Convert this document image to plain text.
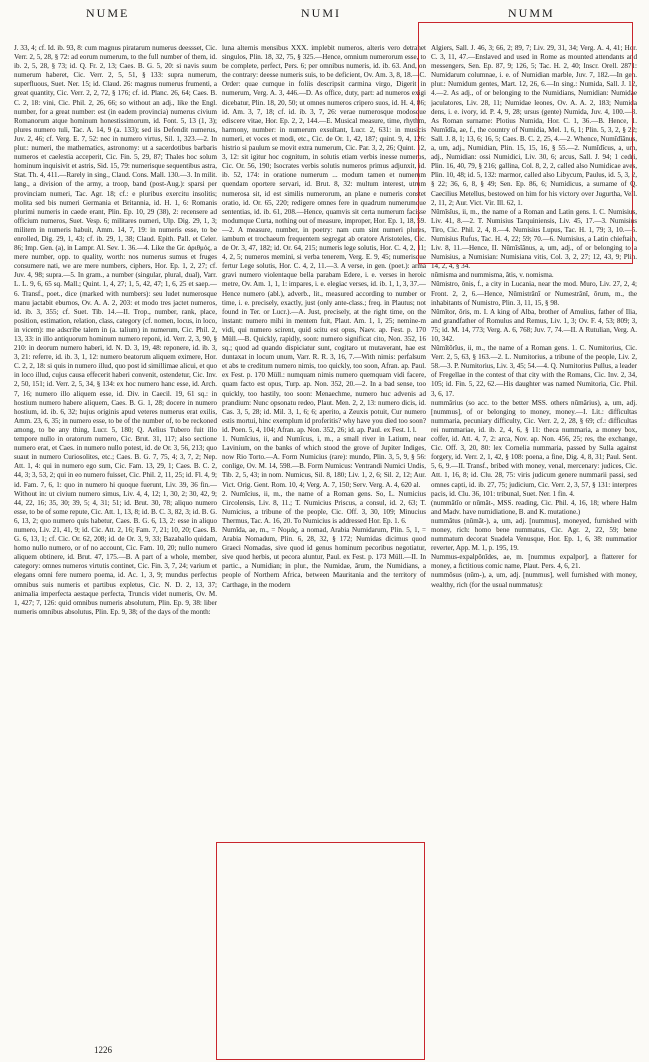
NUME	NUMI	NUMM

J. 33, 4; cf. Id. ib. 93, 8: cum magnus piratarum numerus deessset, Cic. Verr. 2, 5, 28, § 72: ad eorum numerum, to the full number of them, id. ib. 2, 5, 28, § 73; id. Q. Fr. 2, 13; Caes. B. G. 5, 20: si navis suum numerum haberet, Cic. Verr. 2, 5, 51, § 133: supra numerum, superfluous, Suet. Ner. 15; id. Claud. 26: magnus numerus frumenti, a great quantity, Cic. Verr. 2, 2, 72, § 176; cf. id. Planc. 26, 64; Caes. B. C. 2, 18: vini, Cic. Phil. 2, 26, 66; so without an adj., like the Engl. number, for a great number: est (in eadem provincia) numerus civium Romanorum atque hominum honestissimorum, id. Font. 5, 13 (1, 3); plures numero tuli, Tac. A. 14, 9 (a. 133); sed iis Defendit numerus, Juv. 2, 46; cf. Verg. E. 7, 52: nec in numero virtus, Sil. 1, 323.—2. In plur.: numeri, the mathematics, astronomy: ut a sacerdotibus barbaris numeros et caelestia acceperit, Cic. Fin. 5, 29, 87; Thales hoc solum hominum inquisivit et astris, Sid. 15, 79: numerisque sequentibus astra, Stat. Th. 4, 411.—Rarely in sing., Claud. Cons. Mall. 130.—3. In milit. lang., a division of the army, a troop, band (post-Aug.): sparsi per provinciam numeri, Tac. Agr. 18; cf.: e pluribus exercitu insolitis; molita sed bis numeri Germania et Britannia, id. H. 1, 6: Romanis plurimi numeris in caede erant, Plin. Ep. 10, 29 (38), 2: recensere ad officium numeros, Suet. Vesp. 6; militares numeri, Ulp. Dig. 29, 1, 3; militem in numeris habuit, Amm. 14, 7, 19: in numeris esse, to be enrolled, Dig. 29, 1, 43; cf. ib. 29, 1, 38; Claud. Epith. Pall. et Celer. 86; Imp. Gen. (a), in Lampr. Al. Sev. 1. 36.—4. Like the Gr. ἀριθμός, a mere number, opp. to quality, worth: nos numerus sumus et fruges consumere nati, we are mere numbers, ciphers, Hor. Ep. 1, 2, 27; cf. Juv. 4, 98; supra.—5. In gram., a number (singular, plural, dual), Varr. L. L. 9, 6, 65 sq. Mall.; Quint. 1, 4, 27; 1, 5, 42, 47; 1, 6, 25 et saep.—6. Transf., poet., dice (marked with numbers): seu ludet numerosque manu jactabit eburnos, Ov. A. A. 2, 203: et modo tres jactet numeros, id. ib. 3, 355; cf. Suet. Tib. 14.—II. Trop., number, rank, place, position, estimation, relation, class, category (cf. nomen, locus, in loco, in vicem): me adscribe talem in (a. talium) in numerum, Cic. Phil. 2, 13, 33: in illo antiquorum hominum numero reponi, id. Verr. 2, 3, 90, § 210: in deorum numero haberi, id. N. D. 3, 19, 48: reponere, id. ib. 3, 3, 21: referre, id. ib. 3, 1, 12: numero beatorum aliquem eximere, Hor. C. 2, 2, 18: si quis in numero illud, quo post id simillimae alicui, et quo in loco illud, cujus causa effecerit haberi convenit, ostendetur, Cic. Inv. 2, 50, 151; id. Verr. 2, 5, 34, § 134: ex hoc numero hanc esse, id. Arch. 7, 16; numero illo aliquem esse, id. Div. in Caecil. 19, 61 sq.: in hostium numero habere aliquem, Caes. B. G. 1, 28; docere in numero hostium, id. ib. 6, 32; hujus originis apud veteres numerus erat exilis, Amm. 23, 6, 35; in numero esse, to be of the number of, to be reckoned among, to be any thing, Lucr. 5, 180; Q. Aelius Tubero fuit illo tempore nullo in oratorum numero, Cic. Brut. 31, 117; also sectione numero erat, et Caes. in numero nullo potest, id. de Or. 3, 56, 213; quo suaut in numero Curiosolites, etc.; Caes. B. G. 7, 75, 4; 3, 7, 2; Nep. Att. 1, 4: qui in numero ego sum, Cic. Fam. 13, 29, 1; Caes. B. C. 2, 44, 3; 3, 53, 2; qui in eo numero fuisset, Cic. Phil. 2, 11, 25; id. Fl. 4, 9; id. Fam. 7, 6, 1: quo in numero hi quoque fuerunt, Liv. 39, 36 fin.—Without in: ut civium numero simus, Liv. 4, 4, 12; 1, 30, 2; 30, 42, 9; 44, 22, 16; 35, 30; 39, 5; 4, 31; 51; id. Brut. 30, 78; aliquo numero esse, to be of some repute, Cic. Att. 1, 13, 8; id. B. C. 3, 82, 3; id. B. G. 6, 13, 2; quo numero quis habetur, Caes. B. G. 6, 13, 2: esse in aliquo numero, Liv. 21, 41, 9; id. Cic. Att. 2, 16; Fam. 7, 21; 10, 20; Caes. B. G. 6, 13, 1; cf. Cic. Or. 62, 208; id. de Or. 3, 9, 33; Bazaballo quidam, homo nullo numero, or of no account, Cic. Fam. 10, 20; nullo numero aliquem obtinere, id. Brut. 47, 175.—B. A part of a whole, member, category: omnes numeros virtutis continet, Cic. Fin. 3, 7, 24; varium et elegans omni fere numero poema, id. Ac. 1, 3, 9; mundus perfectus omnibus suis numeris et partibus expletus, Cic. N. D. 2, 13, 37; animalia imperfecta aestaque perfecta, Truncis videt numeris, Ov. M. 1, 427; 7, 126: quid omnibus numeris absolutum, Plin. Ep. 9, 38: liber numeris omnibus absolutus, Plin. Ep. 9, 38; of the days of the month:

luna alternis mensibus XXX. implebit numeros, alteris vero detrahet singulos, Plin. 18, 32, 75, § 325.—Hence, omnium numerorum esse, to be complete, perfect, Pers. 6; per omnibus numeris, id. ib. 63. And, on the contrary: deesse numeris suis, to be deficient, Ov. Am. 3, 8, 18.—C. Order: quae cumque in foliis descripsit carmina virgo, Digerit in numerum, Verg. A. 3, 446.—D. As office, duty, part: ad numeros exigi dicebatur, Plin. 18, 20, 50; ut omnes numeros cripero suos, id. H. 4, 86; id. Am. 3, 7, 18; cf. id. ib. 3, 7, 26: verae numerosque modosque ediscere vitae, Hor. Ep. 2, 2, 144.—E. Musical measure, time, rhythm, harmony, number: in numerum exsultant, Lucr. 2, 631: in musicis numeri, et voces et modi, etc., Cic. de Or. 1, 42, 187; quint. 9, 4, 126: histrio si paulum se movit extra numerum, Cic. Par. 3, 2, 26; Quint. 12, 3, 12: sit igitur hoc cognitum, in solutis etiam verbis inesse numeros, Cic. Or. 56, 190; Isocrates verbis solutis numeros primus adjunxit, id. ib. 52, 174: in oratione numerum ... modum tamen et numerum quendam oportere servari, id. Brut. 8, 32: multum interest, utrum numerosa sit, id est similis numerorum, an plane e numeris constet oratio, id. Or. 65, 220; redigere omnes fere in quadrum numerumque sententias, id. ib. 61, 208.—Hence, quamvis sit certa numerum facisse modumque Curta, nothing out of measure, improper, Hor. Ep. 1, 18, 59.—2. A measure, number, in poetry: nam cum sint numeri plures, iambum et trochaeum frequentem segregat ab oratore Aristoteles, Cic. de Or. 3, 47, 182; id. Or. 64, 215; numeris lege solutis, Hor. C. 4, 2, 11; 4, 2, 5; numeros memini, si verba tenerem, Verg. E. 9, 45; numerisque fertur Lege solutis, Hor. C. 4, 2, 11.—3. A verse, in gen. (poet.): arma gravi numero violentaque bella parabam Edere, i. e. verses in heroic metre, Ov. Am. 1, 1, 1: impares, i. e. elegiac verses, id. ib. 1, 1, 3, 37.—Hence numero (abl.), adverb., lit., measured according to number or time, i. e. precisely, exactly, just (only ante-class.; freq. in Plautus; not found in Ter. or Lucr.).—A. Just, precisely, at the right time, on the instant: numero mihi in mentem fuit, Plaut. Am. 1, 1, 25; nemine-m vidi, qui numero scirent, quid scitu est opus, Naev. ap. Fest. p. 170 Müll.—B. Quickly, rapidly, soon: numero significat cito, Non. 352, 16 sq.; quod ad quando dispiciatur sunt, cogitaro ut mutaverant, hae est duntaxat in locum unum, Varr. R. R. 3, 16, 7.—With nimis: perfalsum et abs te creditum numero nimis, too quickly, too soon, Afran. ap. Paul. ex Fest. p. 170 Müll.: numquam nimis numero quemquam vidi facere, quam facto est opus, Turp. ap. Non. 352, 20.—2. In a bad sense, too quickly, too hastily, too soon: Menaechme, numero huc advenis ad prandium: Nunc opsonatu redeo, Plaut. Men. 2, 2, 13: numero dicis, id. Cas. 3, 5, 28; id. Mil. 3, 1, 6; 6; aperito, a Zeuxis potuit, Cur numero estis mortui, hinc exemplum id proferitis? why have you died too soon? id. Poen. 5, 4, 104; Afran. ap. Non. 352, 26; id. ap. Paul. ex Fest. l. l.

1. Numīcius, ii, and Numīcus, i, m., a small river in Latium, near Lavinium, on the banks of which stood the grove of Jupiter Indiges, now Rio Torto.—A. Form Numicius (rare): mundo, Plin. 3, 5, 9, § 56: conlige, Ov. M. 14, 598.—B. Form Numicus: Ventrandi Numici Undis, Tib. 2, 5, 43; in nom. Numicus, Sil. 8, 180; Liv. 1, 2, 6; Sil. 2, 12; Aur. Vict. Orig. Gent. Rom. 10, 4; Verg. A. 7, 150; Serv. Verg. A. 4, 620 al.

2. Numīcius, ii, m., the name of a Roman gens. So, L. Numicius Circolensis, Liv. 8, 11.; T. Numicius Priscus, a consul, id. 2, 63; T. Numicius, a tribune of the people, Cic. Off. 3, 30, 109; Minucius Thermus, Tac. A. 16, 20. To Numicius is addressed Hor. Ep. 1. 6.

Numĭda, ae, m., = Νομάς, a nomad, Arabia Numidarum, Plin. 5, 1, = Arabia Nomadum, Plin. 6, 28, 32, § 172; Numidas dicimus quod Graeci Nomadas, sive quod id genus hominum pecoribus negotiatur, sive quod herbis, ut pecora aluntur, Paul. ex Fest. p. 173 Müll.—II. In partic., a Numidian; in plur., the Numidae, ārum, the Numidians, a people of Northern Africa, between Mauritania and the territory of Carthage, in the modern

Algiers, Sall. J. 46, 3; 66, 2; 89, 7; Liv. 29, 31, 34; Verg. A. 4, 41; Hor. C. 3, 11, 47.—Enslaved and used in Rome as mounted attendants and messengers, Sen. Ep. 87, 9; 126, 5; Tac. H. 2, 40; Inscr. Orell. 2871: Numidarum columnae, i. e. of Numidian marble, Juv. 7, 182.—In gen. plur.: Numidum gentes, Mart. 12, 26, 6.—In sing.: Numida, Sall. J. 12, 4.—2. As adj., of or belonging to the Numidians, Numidian: Numidae jaculatores, Liv. 28, 11; Numidae leones, Ov. A. A. 2, 183; Numida dens, i. e. ivory, id. P. 4, 9, 28; ursus (gente) Numida, Juv. 4, 100.—3. As Roman surname: Plotius Numida, Hor. C. 1, 36.—B. Hence, 1. Numĭdĭa, ae, f., the country of Numidia, Mel. 1, 6, 1; Plin. 5, 3, 2, § 22; Sall. J. 8, 1; 13, 6; 16, 5; Caes. B. C. 2, 25, 4.—2. Whence, Numĭdĭānus, a, um, adj., Numidian, Plin. 15, 15, 16, § 55.—2. Numĭdĭcus, a, um, adj., Numidian: ossi Numidici, Liv. 30, 6; arcus, Sall. J. 94; 1 cedri, Plin. 16, 40, 79, § 216; gallina, Col. 8, 2, 2, called also Numidicae aves, Plin. 10, 48; id. 5, 132: marmor, called also Libycum, Paulus, id. 5, 3, 2, § 22; 36, 6, 8, § 49; Sen. Ep. 86, 6; Numidicus, a surname of Q. Caecilius Metellus, bestowed on him for his victory over Jugurtha, Vell. 2, 11, 2; Aur. Vict. Vir. Ill. 62, 1.

Nūmĭsĭus, ii, m., the name of a Roman and Latin gens. I. C. Numisius, Liv. 41, 8.—2. T. Numisius Tarquiniensis, Liv. 45, 17.—3. Numisius Tiro, Cic. Phil. 2, 4, 8.—4. Numisius Lupus, Tac. H. 1, 79; 3, 10.—5. Numisius Rufus, Tac. H. 4, 22; 59; 70.—6. Numisius, a Latin chieftain, Liv. 8, 11.—Hence, II. Nūmĭsĭānus, a, um, adj., of or belonging to a Numisius, a Numisian: Numisiana vitis, Col. 3, 2, 27; 12, 43, 9; Plin. 14, 2, 4, § 34.

nūmisma and nummisma, ătis, v. nomisma.

Nūmistro, ōnis, f., a city in Lucania, near the mod. Muro, Liv. 27, 2, 4; Front. 2, 2, 6.—Hence, Nūmistrānī or Numestrānī, ōrum, m., the inhabitants of Numistro, Plin. 3, 11, 15, § 98.

Nŭmĭtor, ōris, m. I. A king of Alba, brother of Amulius, father of Ilia, and grandfather of Romulus and Remus, Liv. 1, 3; Ov. F. 4, 53; 809; 3, 75; id. M. 14, 773; Verg. A. 6, 768; Juv. 7, 74.—II. A Rutulian, Verg. A. 10, 342.

Nŭmĭtōrĭus, ii, m., the name of a Roman gens. 1. C. Numitorius, Cic. Verr. 2, 5, 63, § 163.—2. L. Numitorius, a tribune of the people, Liv. 2, 58.—3. P. Numitorius, Liv. 3, 45; 54.—4. Q. Numitorius Pullus, a leader of Fregellae in the contest of that city with the Romans, Cic. Inv. 2, 34, 105; id. Fin. 5, 22, 62.—His daughter was named Numitoria, Cic. Phil. 3, 6, 17.

nummārius (so acc. to the better MSS. others nūmārius), a, um, adj. [nummus], of or belonging to money, money.—I. Lit.: difficultas nummaria, pecuniary difficulty, Cic. Verr. 2, 2, 28, § 69; cf.: difficultas rei nummariae, id. ib. 2, 4, 6, § 11: theca nummaria, a money box, coffer, id. Att. 4, 7, 2: arca, Nov. ap. Non. 456, 25; res, the exchange, Cic. Off. 3, 20, 80: lex Cornelia nummaria, passed by Sulla against forgery, id. Verr. 2, 1, 42, § 108: poena, a fine, Dig. 4, 8, 31; Paul. Sent. 5, 6, 9.—II. Transf., bribed with money, venal, mercenary: judices, Cic. Att. 1, 16, 8; id. Clu. 28, 75: viris judicum genere nummarii passi, sed omnes capti, id. ib. 27, 75; judicium, Cic. Verr. 2, 3, 57, § 131: interpres pacis, id. Clu. 36, 101: tribunal, Suet. Ner. 1 fin. 4.

(nummātĭo or nūmāt-, MSS. reading, Cic. Phil. 4, 16, 18; where Halm and Madv. have numidiatione, B. and K. mutatione.)

nummātus (nūmāt-), a, um, adj. [nummus], moneyed, furnished with money, rich: homo bene nummatus, Cic. Agr. 2, 22, 59; bene nummatum decorat Suadela Venusque, Hor. Ep. 1, 6, 38: nummatior reverter, App. M. 1, p. 195, 19.

Nummus-expalpōnĭdes, ae, m. [nummus expalpor], a flatterer for money, a fictitious comic name, Plaut. Pers. 4, 6, 21.

nummōsus (nūm-), a, um, adj. [nummus], well furnished with money, wealthy, rich (for the usual nummatus):

1226
